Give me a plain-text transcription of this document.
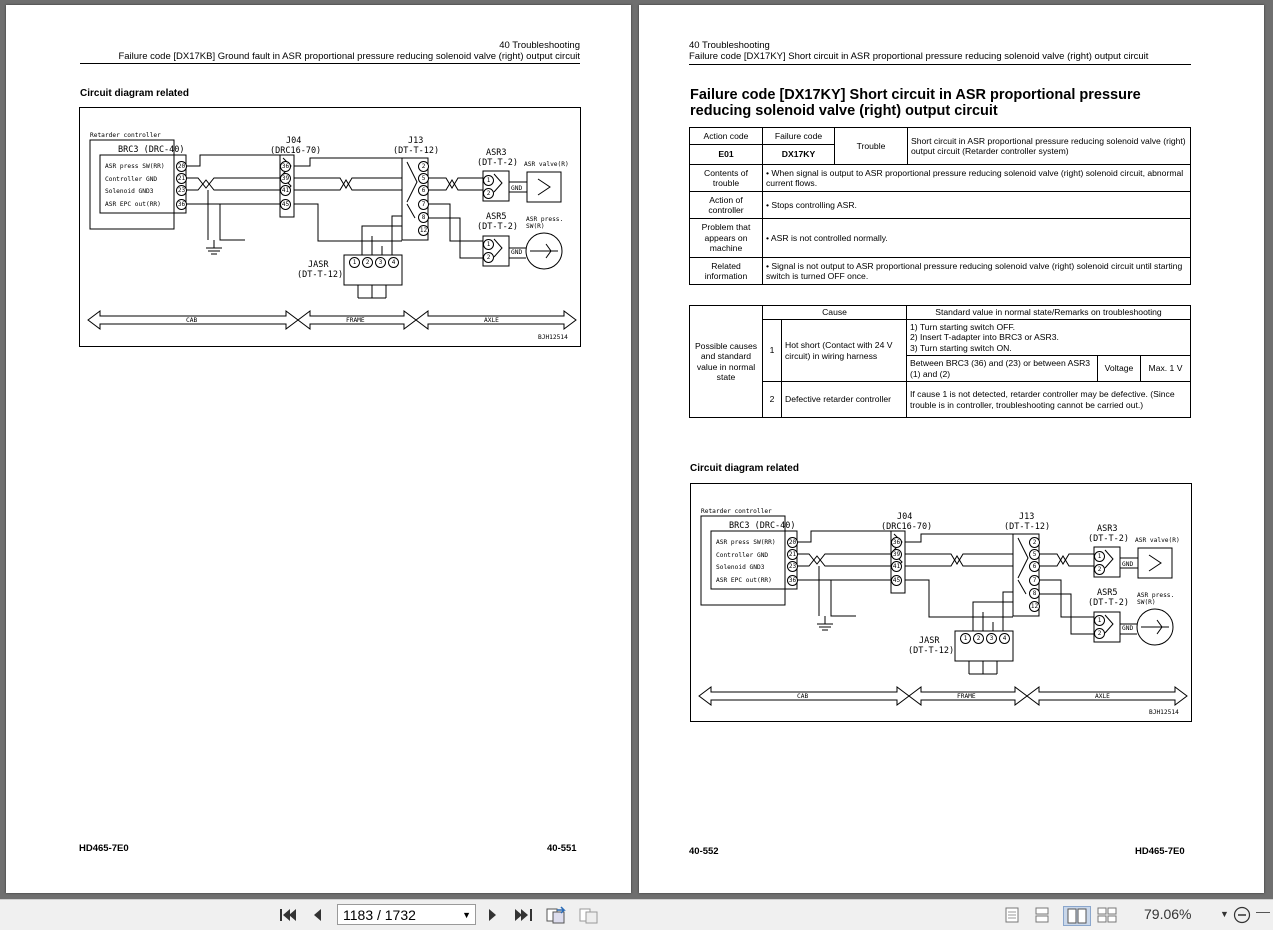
40 Troubleshooting
Failure code [DX17KB] Ground fault in ASR proportional pressure reducing solenoid valve (right) output circuit
Circuit diagram related
Retarder controller
BRC3 (DRC-40)
ASR press SW(RR)
Controller GND
Solenoid GND3
ASR EPC out(RR)
20
21
23
36
J04
(DRC16-70)
36
39
41
45
J13
(DT-T-12)
2
5
6
7
8
12
ASR3
(DT-T-2)
1
2
GND
ASR valve(R)
ASR5
(DT-T-2)
1
2
GND
ASR press.
SW(R)
JASR
(DT-T-12)
1	2	3	4
CAB	FRAME	AXLE
BJH12514
HD465-7E0	40-551
40 Troubleshooting
Failure code [DX17KY] Short circuit in ASR proportional pressure reducing solenoid valve (right) output circuit
Failure code [DX17KY] Short circuit in ASR proportional pressure
reducing solenoid valve (right) output circuit
Action code	Failure code	Trouble	Short circuit in ASR proportional pressure reducing solenoid valve (right) output circuit (Retarder controller system)
E01	DX17KY		
Contents of trouble	• When signal is output to ASR proportional pressure reducing solenoid valve (right) solenoid circuit, abnormal current flows.
Action of controller	• Stops controlling ASR.
Problem that appears on machine	• ASR is not controlled normally.
Related information	• Signal is not output to ASR proportional pressure reducing solenoid valve (right) solenoid circuit until starting switch is turned OFF once.
Possible causes and standard value in normal state	Cause		Standard value in normal state/Remarks on troubleshooting		
	1	Hot short (Contact with 24 V circuit) in wiring harness	1) Turn starting switch OFF.
2) Insert T-adapter into BRC3 or ASR3.
3) Turn starting switch ON.		

			Between BRC3 (36) and (23) or between ASR3 (1) and (2)	Voltage	Max. 1 V
	2	Defective retarder controller	If cause 1 is not detected, retarder controller may be defective. (Since trouble is in controller, troubleshooting cannot be carried out.)		
Circuit diagram related
Retarder controller
BRC3 (DRC-40)
ASR press SW(RR)
Controller GND
Solenoid GND3
ASR EPC out(RR)
20
21
23
36
J04
(DRC16-70)
36
39
41
45
J13
(DT-T-12)
2
5
6
7
8
12
ASR3
(DT-T-2)
1
2
GND
ASR valve(R)
ASR5
(DT-T-2)
1
2
GND
ASR press.
SW(R)
JASR
(DT-T-12)
1	2	3	4
CAB	FRAME	AXLE
BJH12514
40-552	HD465-7E0
1183 / 1732	▼	79.06%	▼
